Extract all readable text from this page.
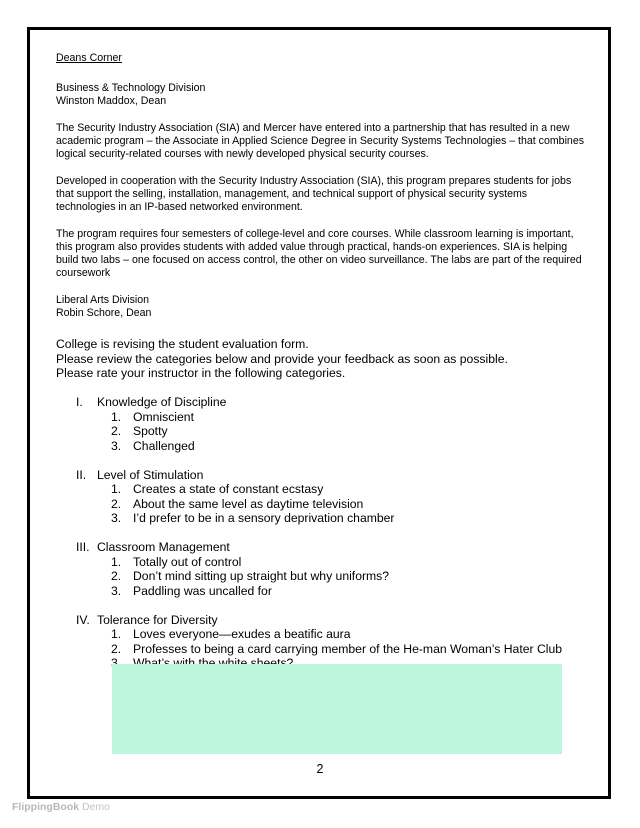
Deans Corner

Business & Technology Division

Winston Maddox, Dean

The Security Industry Association (SIA) and Mercer have entered into a partnership that has resulted in a new academic program – the Associate in Applied Science Degree in Security Systems Technologies – that combines logical security-related courses with newly developed physical security courses.

Developed in cooperation with the Security Industry Association (SIA), this program prepares students for jobs that support the selling, installation, management, and technical support of physical security systems technologies in an IP-based networked environment.

The program requires four semesters of college-level and core courses. While classroom learning is important, this program also provides students with added value through practical, hands-on experiences. SIA is helping build two labs – one focused on access control, the other on video surveillance. The labs are part of the required coursework

Liberal Arts Division

Robin Schore, Dean

College is revising the student evaluation form.

Please review the categories below and provide your feedback as soon as possible.

Please rate your instructor in the following categories.

I. Knowledge of Discipline

1. Omniscient
2. Spotty
3. Challenged

II. Level of Stimulation

1. Creates a state of constant ecstasy
2. About the same level as daytime television
3. I’d prefer to be in a sensory deprivation chamber

III. Classroom Management

1. Totally out of control
2. Don’t mind sitting up straight but why uniforms?
3. Paddling was uncalled for

IV. Tolerance for Diversity

1. Loves everyone—exudes a beatific aura
2. Professes to being a card carrying member of the He-man Woman’s Hater Club
2
FlippingBook Demo
